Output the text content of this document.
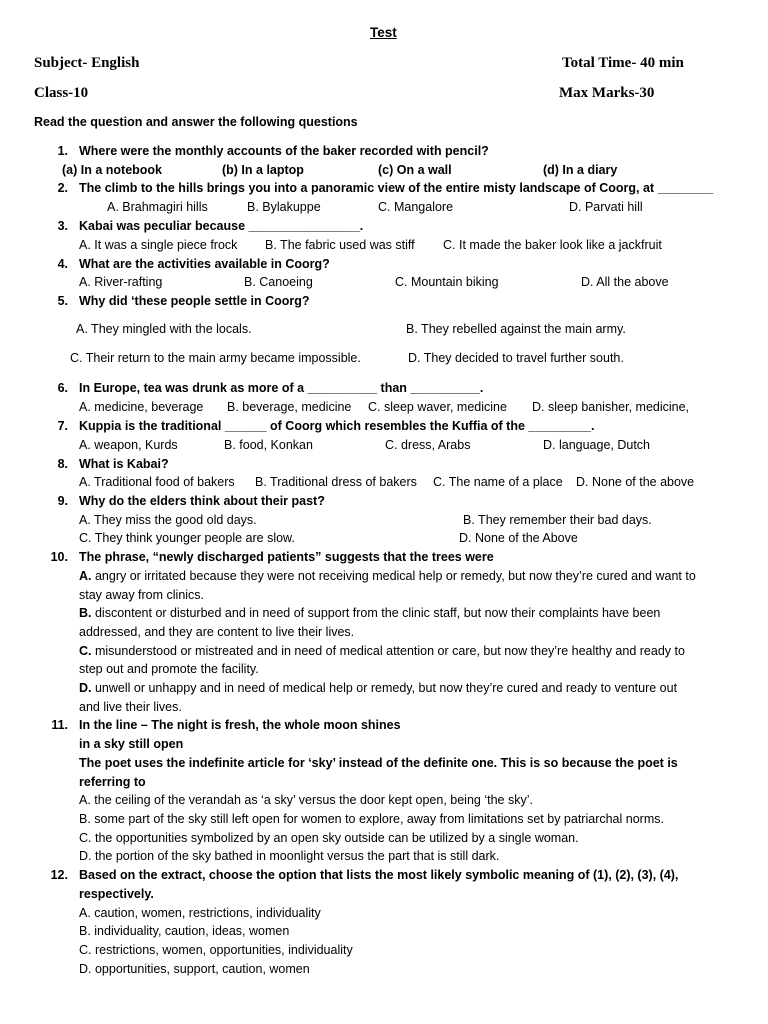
Test
Subject- English	Total Time- 40 min
Class-10	Max Marks-30
Read the question and answer the following questions
1. Where were the monthly accounts of the baker recorded with pencil?
(a) In a notebook	(b) In a laptop	(c) On a wall	(d) In a diary
2. The climb to the hills brings you into a panoramic view of the entire misty landscape of Coorg, at ________
A. Brahmagiri hills	B. Bylakuppe	C. Mangalore	D. Parvati hill
3. Kabai was peculiar because ________________.
A. It was a single piece frock B. The fabric used was stiff C. It made the baker look like a jackfruit
4. What are the activities available in Coorg?
A. River-rafting	B. Canoeing	C. Mountain biking	D. All the above
5. Why did ‘these people settle in Coorg?
A. They mingled with the locals.	B. They rebelled against the main army.
C. Their return to the main army became impossible.	D. They decided to travel further south.
6. In Europe, tea was drunk as more of a __________ than __________.
A. medicine, beverage B. beverage, medicine C. sleep waver, medicine D. sleep banisher, medicine,
7. Kuppia is the traditional ______ of Coorg which resembles the Kuffia of the _________.
A. weapon, Kurds	B. food, Konkan	C. dress, Arabs	D. language, Dutch
8. What is Kabai?
A. Traditional food of bakers B. Traditional dress of bakers C. The name of a place D. None of the above
9. Why do the elders think about their past?
A. They miss the good old days.	B. They remember their bad days.
C. They think younger people are slow.	D. None of the Above
10. The phrase, “newly discharged patients” suggests that the trees were
A. angry or irritated because they were not receiving medical help or remedy, but now they’re cured and want to
stay away from clinics.
B. discontent or disturbed and in need of support from the clinic staff, but now their complaints have been
addressed, and they are content to live their lives.
C. misunderstood or mistreated and in need of medical attention or care, but now they’re healthy and ready to
step out and promote the facility.
D. unwell or unhappy and in need of medical help or remedy, but now they’re cured and ready to venture out
and live their lives.
11. In the line – The night is fresh, the whole moon shines
in a sky still open
The poet uses the indefinite article for ‘sky’ instead of the definite one. This is so because the poet is
referring to
A. the ceiling of the verandah as ‘a sky’ versus the door kept open, being ‘the sky’.
B. some part of the sky still left open for women to explore, away from limitations set by patriarchal norms.
C. the opportunities symbolized by an open sky outside can be utilized by a single woman.
D. the portion of the sky bathed in moonlight versus the part that is still dark.
12. Based on the extract, choose the option that lists the most likely symbolic meaning of (1), (2), (3), (4),
respectively.
A. caution, women, restrictions, individuality
B. individuality, caution, ideas, women
C. restrictions, women, opportunities, individuality
D. opportunities, support, caution, women
